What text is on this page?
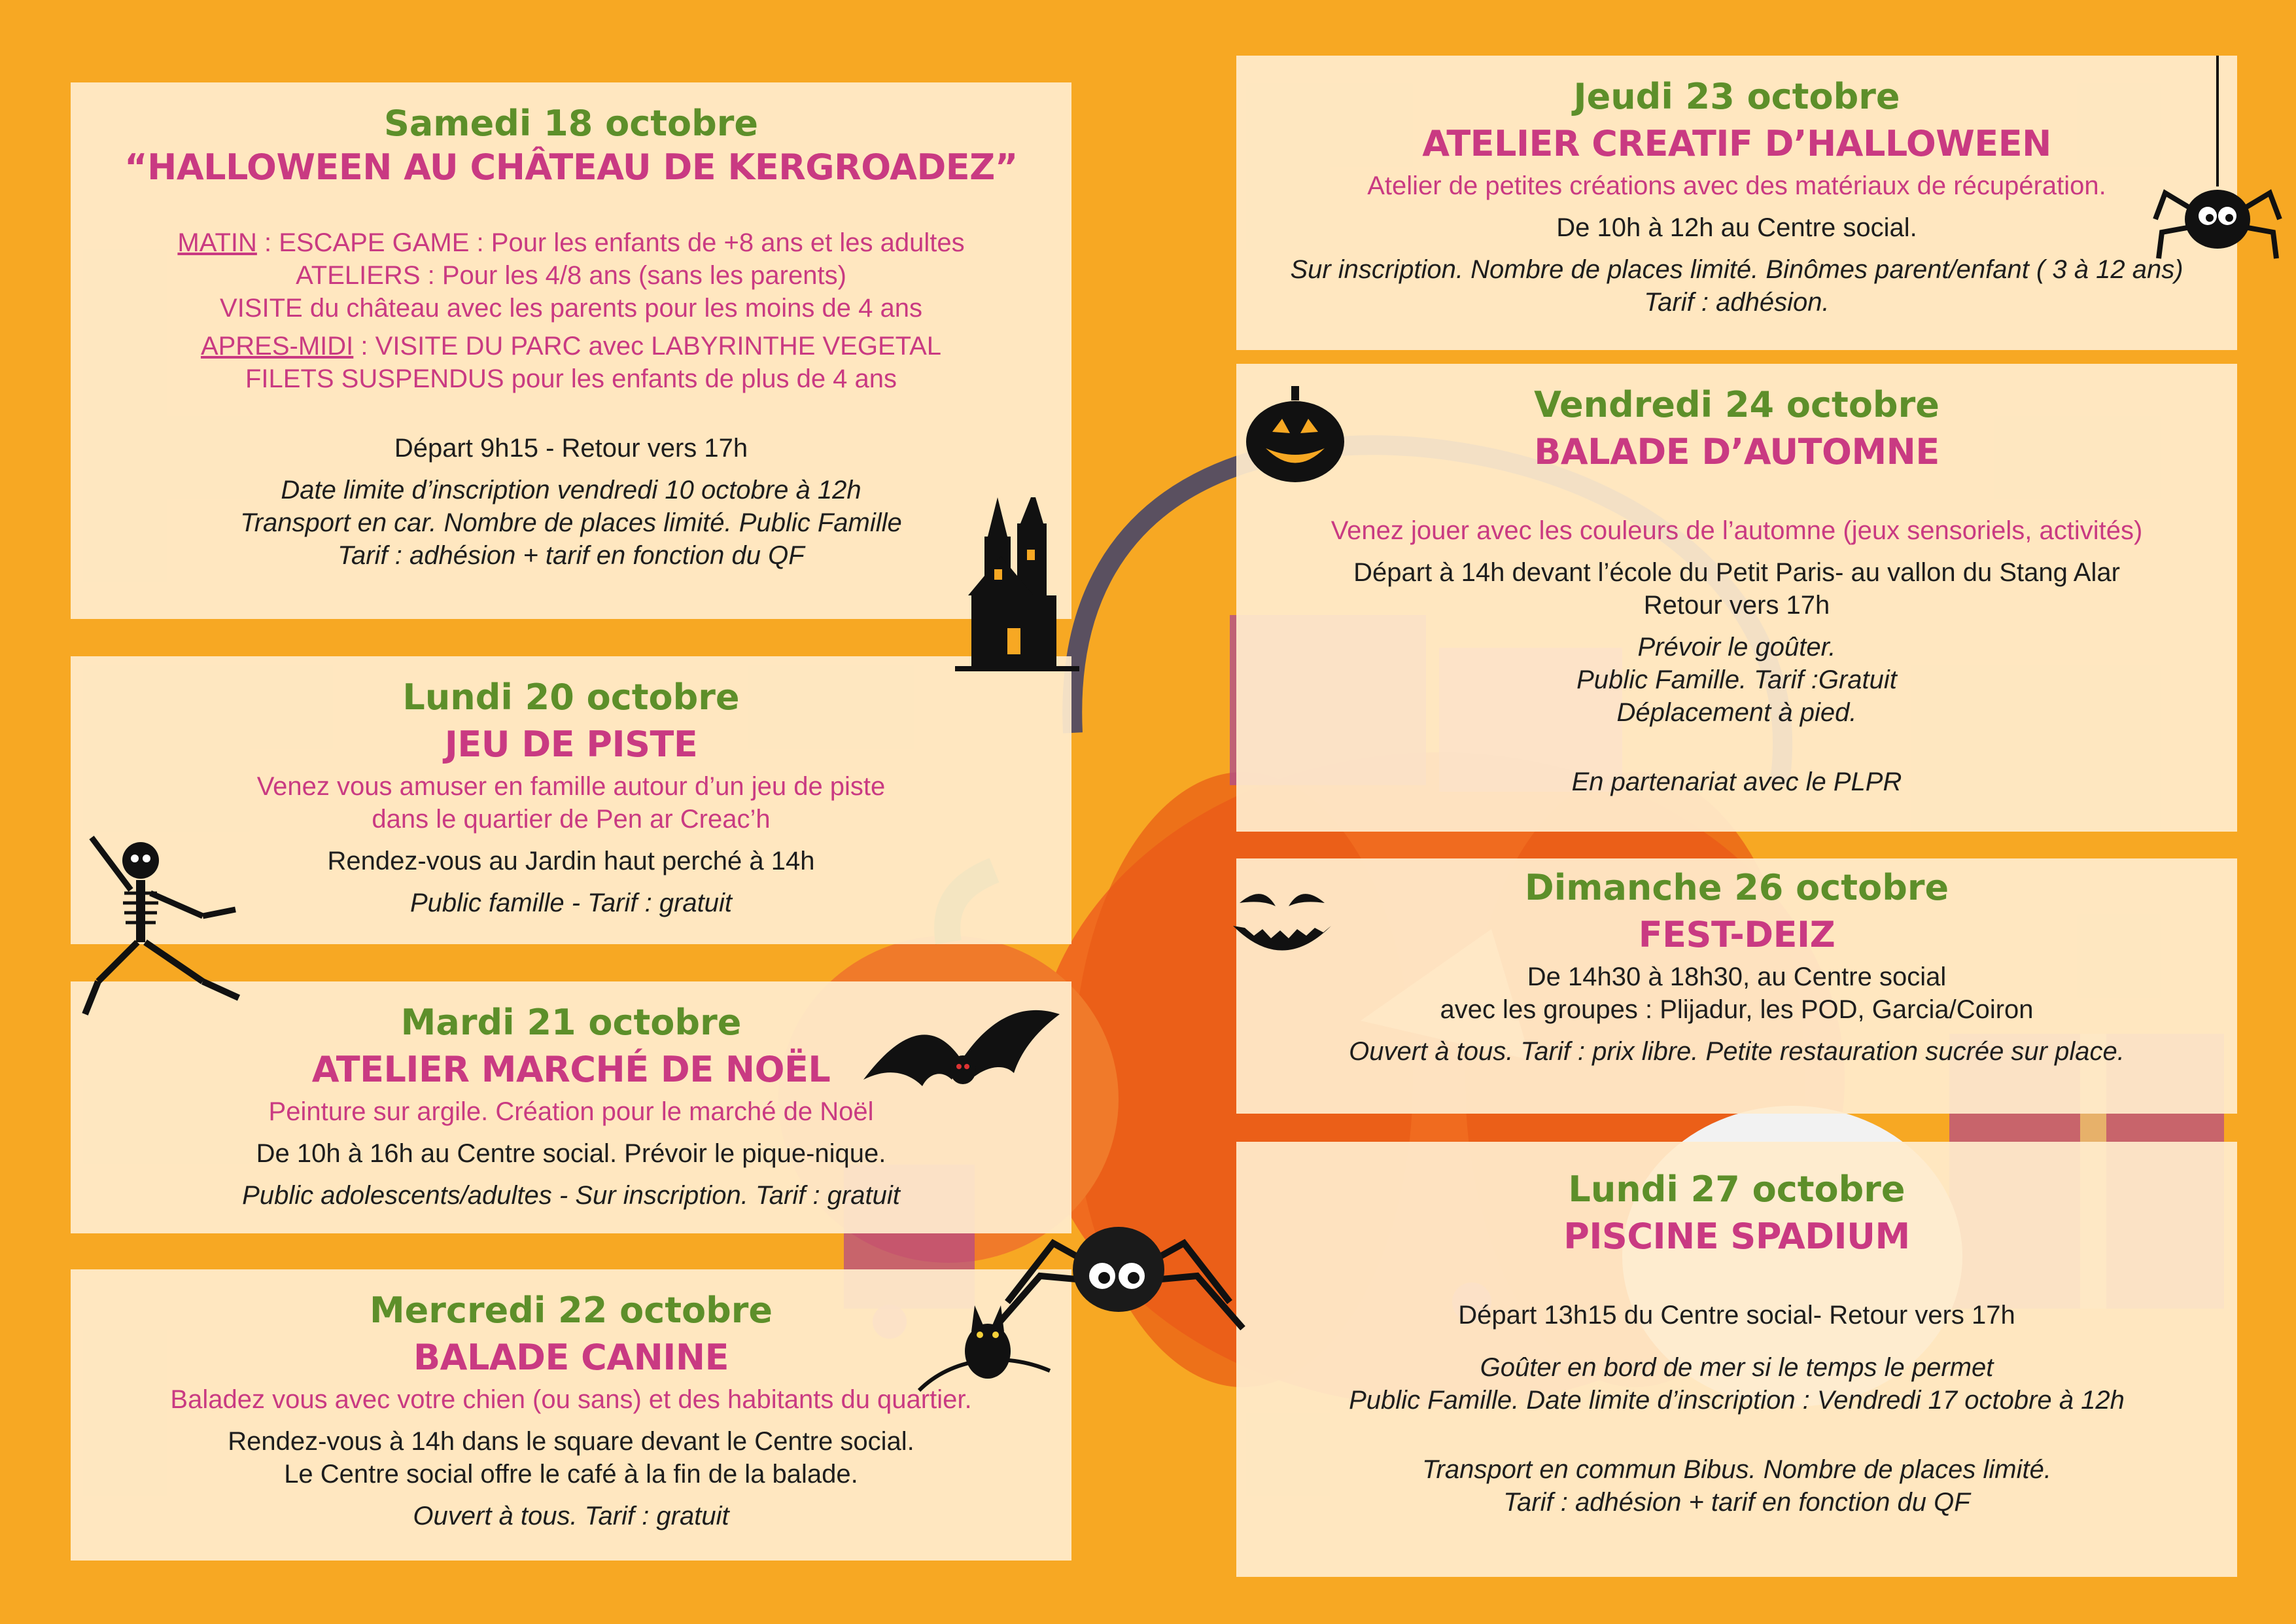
Samedi 18 octobre
“HALLOWEEN AU CHÂTEAU DE KERGROADEZ”
MATIN : ESCAPE GAME : Pour les enfants de +8 ans et les adultes
ATELIERS : Pour les 4/8 ans (sans les parents)
VISITE du château avec les parents pour les moins de 4 ans
APRES-MIDI : VISITE DU PARC avec LABYRINTHE VEGETAL
FILETS SUSPENDUS pour les enfants de plus de 4 ans
Départ 9h15 - Retour vers 17h
Date limite d’inscription vendredi 10 octobre à 12h
Transport en car. Nombre de places limité. Public Famille
Tarif : adhésion + tarif en fonction du QF
Lundi 20 octobre
JEU DE PISTE
Venez vous amuser en famille autour d’un jeu de piste
dans le quartier de Pen ar Creac’h
Rendez-vous au Jardin haut perché à 14h
Public famille - Tarif : gratuit
Mardi 21 octobre
ATELIER MARCHÉ DE NOËL
Peinture sur argile. Création pour le marché de Noël
De 10h à 16h au Centre social. Prévoir le pique-nique.
Public adolescents/adultes - Sur inscription. Tarif : gratuit
Mercredi 22 octobre
BALADE CANINE
Baladez vous avec votre chien (ou sans) et des habitants du quartier.
Rendez-vous à 14h dans le square devant le Centre social.
Le Centre social offre le café à la fin de la balade.
Ouvert à tous. Tarif : gratuit
Jeudi 23 octobre
ATELIER CREATIF D’HALLOWEEN
Atelier de petites créations avec des matériaux de récupération.
De 10h à 12h au Centre social.
Sur inscription. Nombre de places limité. Binômes parent/enfant ( 3 à 12 ans)
Tarif : adhésion.
Vendredi 24 octobre
BALADE D’AUTOMNE
Venez jouer avec les couleurs de l’automne (jeux sensoriels, activités)
Départ à 14h devant l’école du Petit Paris- au vallon du Stang Alar
Retour vers 17h
Prévoir le goûter.
Public Famille. Tarif :Gratuit
Déplacement à pied.
En partenariat avec le PLPR
Dimanche 26 octobre
FEST-DEIZ
De 14h30 à 18h30, au Centre social
avec les groupes : Plijadur, les POD, Garcia/Coiron
Ouvert à tous. Tarif : prix libre. Petite restauration sucrée sur place.
Lundi 27 octobre
PISCINE SPADIUM
Départ 13h15 du Centre social- Retour vers 17h
Goûter en bord de mer si le temps le permet
Public Famille. Date limite d’inscription : Vendredi 17 octobre à 12h
Transport en commun Bibus. Nombre de places limité.
Tarif : adhésion + tarif en fonction du QF
